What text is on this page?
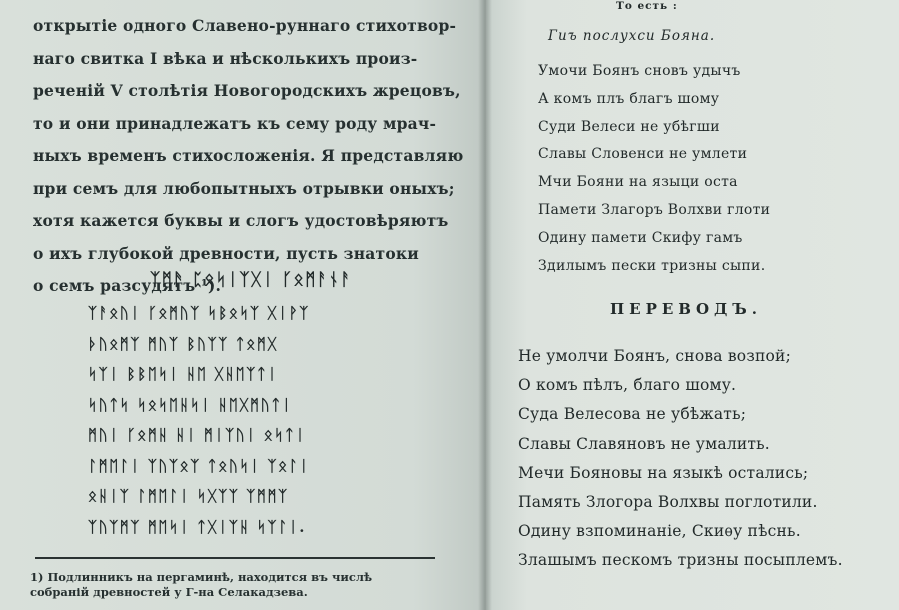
открытіе одного Славено-руннаго стихотвор-
наго свитка I вѣка и нѣсколькихъ произ-
реченій V столѣтія Новогородскихъ жрецовъ,
то и они принадлежатъ къ сему роду мрач-
ныхъ временъ стихосложенія. Я представляю
при семъ для любопытныхъ отрывки оныхъ;
хотя кажется буквы и слогъ удостовѣряютъ
о ихъ глубокой древности, пусть знатоки
о семъ разсудятъ ¹).
ᛉᛗᚫ ᛈᛟᛋᛁᛉᚷᛁ ᚴᛟᛗᚨᚾᚨ
ᛉᚨᛟᚢᛁ ᚴᛟᛗᚢᛉ ᛋᛒᛟᛋᛉ ᚷᛁᚹᛉ
ᚦᚢᛟᛗᛉ ᛗᚢᛉ ᛒᚢᛉᛉ ᛏᛟᛗᚷ
ᛋᛉᛁ ᛒᛒᛖᛋᛁ ᚺᛖ ᚷᚺᛖᛉᛏᛁ
ᛋᚢᛏᛋ ᛋᛟᛋᛖᚺᛋᛁ ᚺᛖᚷᛗᚢᛏᛁ
ᛗᚢᛁ ᚴᛟᛗᚺ ᚺᛁ ᛗᛁᛉᚢᛁ ᛟᛋᛏᛁ
ᛚᛗᛖᛚᛁ ᛉᚢᛉᛟᛉ ᛏᛟᚢᛋᛁ ᛉᛟᛚᛁ
ᛟᚺᛁᛉ ᛚᛗᛖᛚᛁ ᛋᚷᛉᛉ ᛉᛗᛗᛉ
ᛉᚢᛉᛗᛉ ᛗᛖᛋᛁ ᛏᚷᛁᛉᚺ ᛋᛉᛚᛁ.
1) Подлинникъ на пергаминѣ, находится въ числѣ
собраній древностей у Г-на Селакадзева.
То есть :
Гиъ послухси Бояна.
Умочи Боянъ сновъ удычъ
А комъ плъ благъ шому
Суди Велеси не убѣгши
Славы Словенси не умлети
Мчи Бояни на языци оста
Памети Злагоръ Волхви глоти
Одину памети Скифу гамъ
Здилымъ пески тризны сыпи.
ПЕРЕВОДЪ.
Не умолчи Боянъ, снова возпой;
О комъ пѣлъ, благо шому.
Суда Велесова не убѣжать;
Славы Славяновъ не умалить.
Мечи Бояновы на языкѣ остались;
Память Злогора Волхвы поглотили.
Одину взпоминаніе, Скиѳу пѣснь.
Злашымъ пескомъ тризны посыплемъ.
